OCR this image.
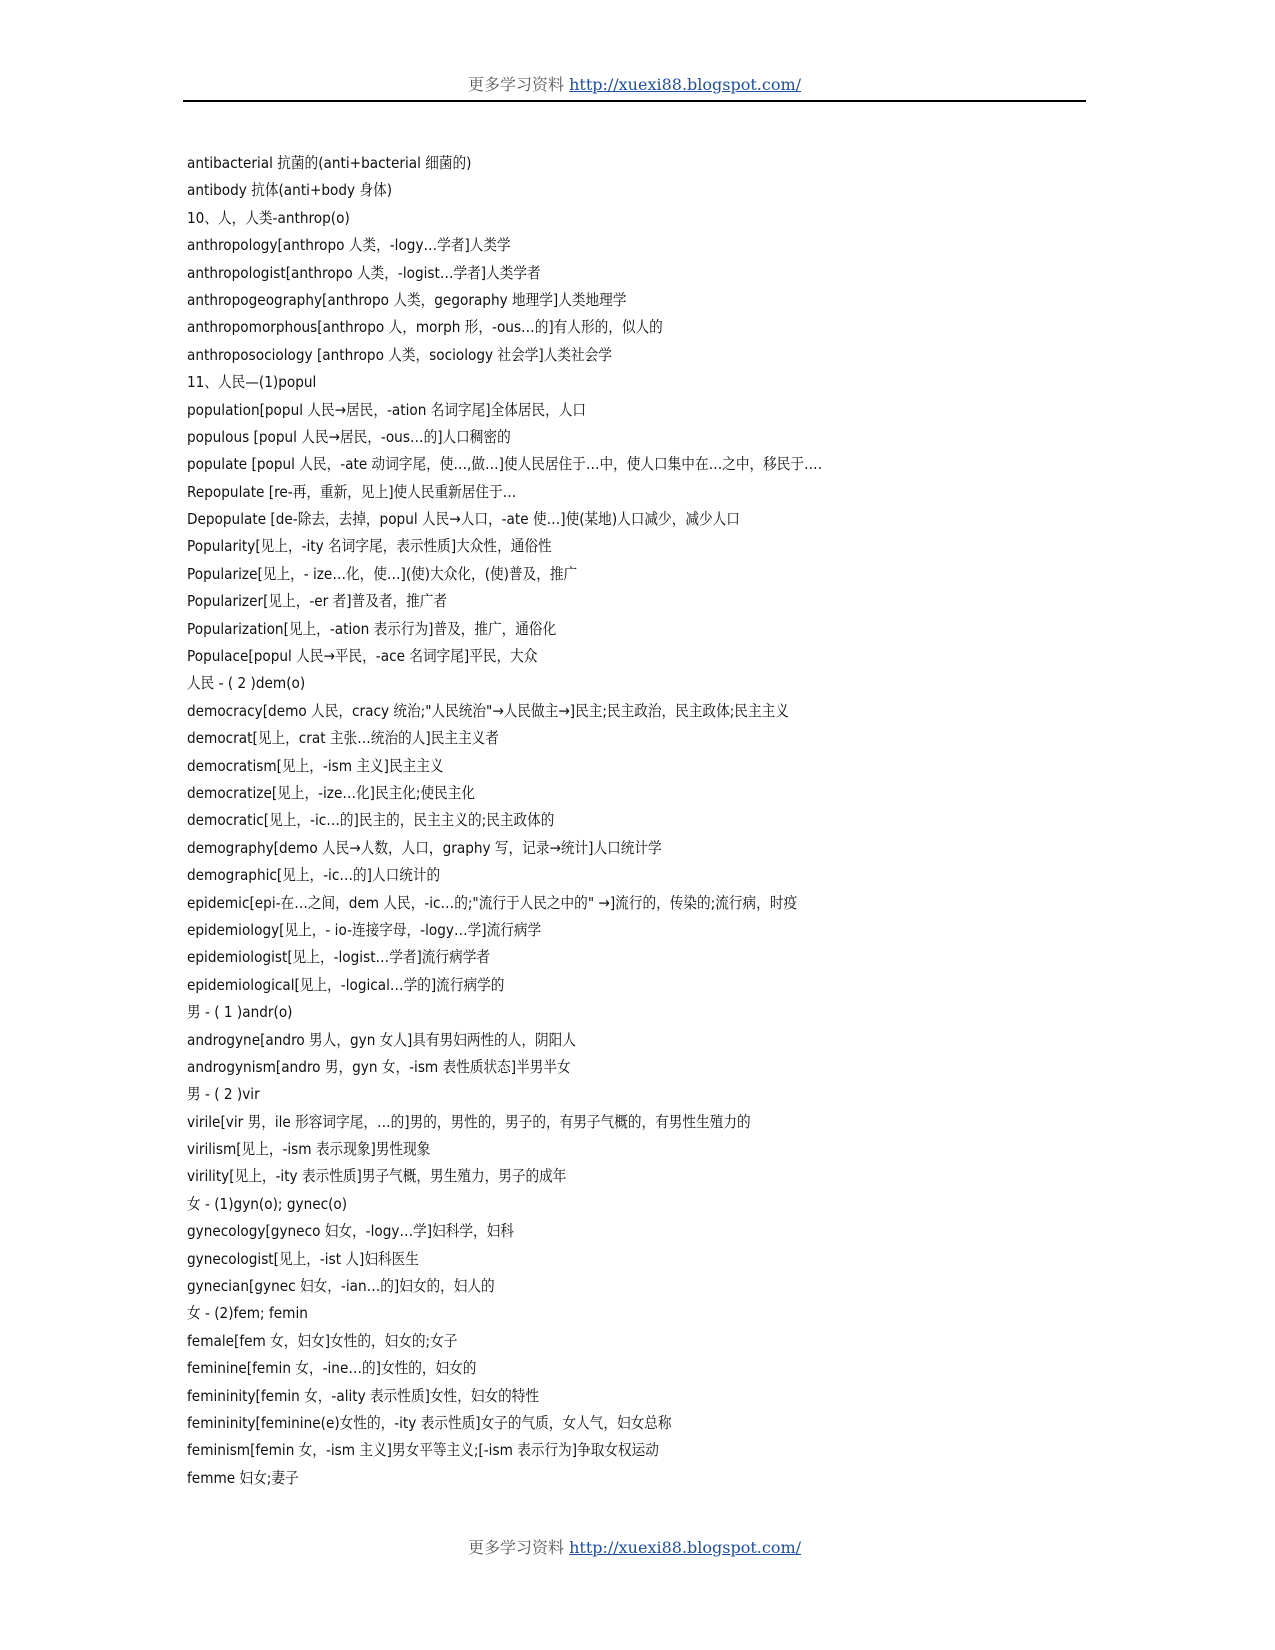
更多学习资料 http://xuexi88.blogspot.com/
antibacterial 抗菌的(anti+bacterial 细菌的)
antibody 抗体(anti+body 身体)
10、人，人类-anthrop(o)
anthropology[anthropo 人类，-logy…学者]人类学
anthropologist[anthropo 人类，-logist…学者]人类学者
anthropogeography[anthropo 人类，gegoraphy 地理学]人类地理学
anthropomorphous[anthropo 人，morph 形，-ous…的]有人形的，似人的
anthroposociology [anthropo 人类，sociology 社会学]人类社会学
11、人民—(1)popul
population[popul 人民→居民，-ation 名词字尾]全体居民，人口
populous [popul 人民→居民，-ous…的]人口稠密的
populate [popul 人民，-ate 动词字尾，使…,做…]使人民居住于…中，使人口集中在…之中，移民于….
Repopulate [re-再，重新，见上]使人民重新居住于…
Depopulate [de-除去，去掉，popul 人民→人口，-ate 使…]使(某地)人口减少，减少人口
Popularity[见上，-ity 名词字尾，表示性质]大众性，通俗性
Popularize[见上，- ize…化，使…](使)大众化，(使)普及，推广
Popularizer[见上，-er 者]普及者，推广者
Popularization[见上，-ation 表示行为]普及，推广，通俗化
Populace[popul 人民→平民，-ace 名词字尾]平民，大众
人民 - ( 2 )dem(o)
democracy[demo 人民，cracy 统治;"人民统治"→人民做主→]民主;民主政治，民主政体;民主主义
democrat[见上，crat 主张…统治的人]民主主义者
democratism[见上，-ism 主义]民主主义
democratize[见上，-ize…化]民主化;使民主化
democratic[见上，-ic…的]民主的，民主主义的;民主政体的
demography[demo 人民→人数，人口，graphy 写，记录→统计]人口统计学
demographic[见上，-ic…的]人口统计的
epidemic[epi-在…之间，dem 人民，-ic…的;"流行于人民之中的" →]流行的，传染的;流行病，时疫
epidemiology[见上，- io-连接字母，-logy…学]流行病学
epidemiologist[见上，-logist…学者]流行病学者
epidemiological[见上，-logical…学的]流行病学的
男 - ( 1 )andr(o)
androgyne[andro 男人，gyn 女人]具有男妇两性的人，阴阳人
androgynism[andro 男，gyn 女，-ism 表性质状态]半男半女
男 - ( 2 )vir
virile[vir 男，ile 形容词字尾，…的]男的，男性的，男子的，有男子气概的，有男性生殖力的
virilism[见上，-ism 表示现象]男性现象
virility[见上，-ity 表示性质]男子气概，男生殖力，男子的成年
女 - (1)gyn(o); gynec(o)
gynecology[gyneco 妇女，-logy…学]妇科学，妇科
gynecologist[见上，-ist 人]妇科医生
gynecian[gynec 妇女，-ian…的]妇女的，妇人的
女 - (2)fem; femin
female[fem 女，妇女]女性的，妇女的;女子
feminine[femin 女，-ine…的]女性的，妇女的
femininity[femin 女，-ality 表示性质]女性，妇女的特性
femininity[feminine(e)女性的，-ity 表示性质]女子的气质，女人气，妇女总称
feminism[femin 女，-ism 主义]男女平等主义;[-ism 表示行为]争取女权运动
femme 妇女;妻子
更多学习资料 http://xuexi88.blogspot.com/
